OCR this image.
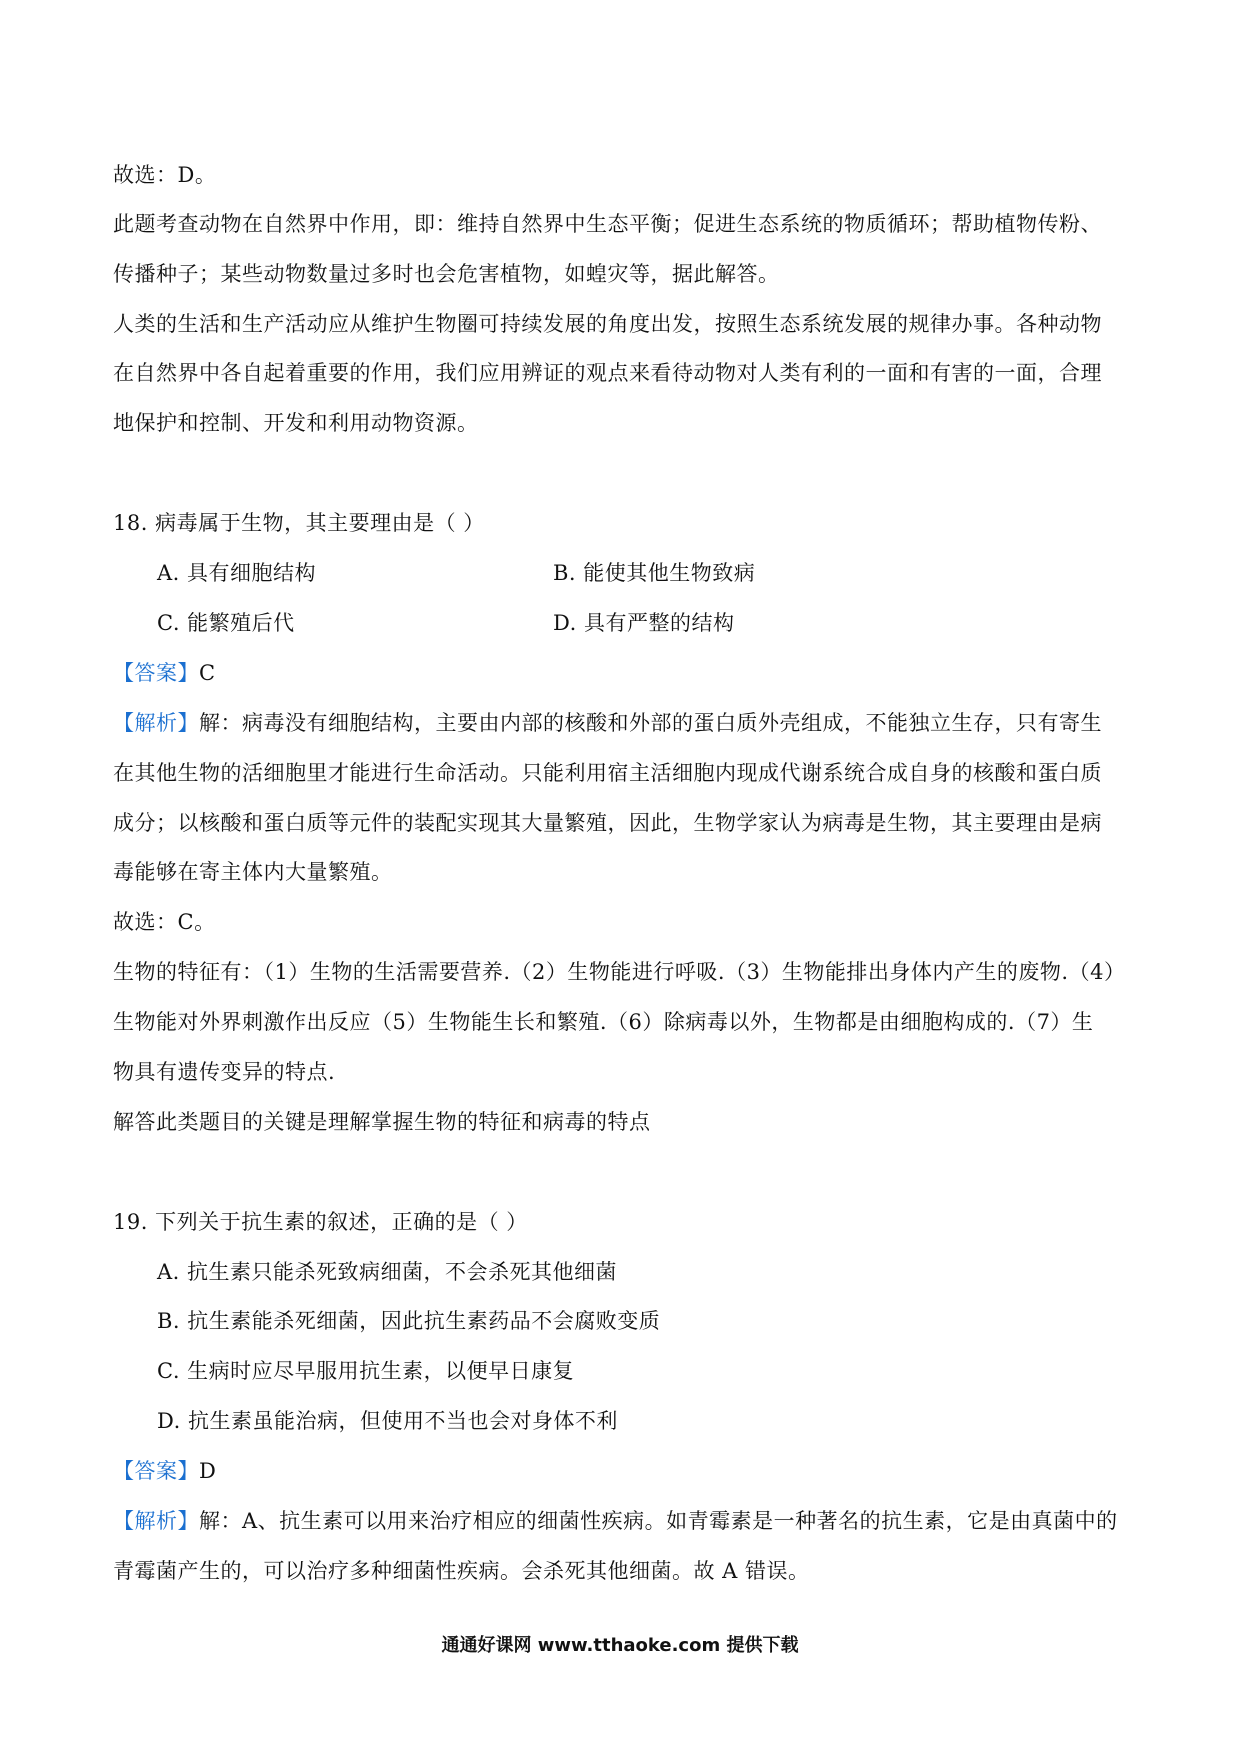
故选：D。
此题考查动物在自然界中作用，即：维持自然界中生态平衡；促进生态系统的物质循环；帮助植物传粉、
传播种子；某些动物数量过多时也会危害植物，如蝗灾等，据此解答。
人类的生活和生产活动应从维护生物圈可持续发展的角度出发，按照生态系统发展的规律办事。各种动物
在自然界中各自起着重要的作用，我们应用辨证的观点来看待动物对人类有利的一面和有害的一面，合理
地保护和控制、开发和利用动物资源。
18. 病毒属于生物，其主要理由是（ ）
A. 具有细胞结构	B. 能使其他生物致病
C. 能繁殖后代	D. 具有严整的结构
【答案】C
【解析】解：病毒没有细胞结构，主要由内部的核酸和外部的蛋白质外壳组成，不能独立生存，只有寄生
在其他生物的活细胞里才能进行生命活动。只能利用宿主活细胞内现成代谢系统合成自身的核酸和蛋白质
成分；以核酸和蛋白质等元件的装配实现其大量繁殖，因此，生物学家认为病毒是生物，其主要理由是病
毒能够在寄主体内大量繁殖。
故选：C。
生物的特征有：（1）生物的生活需要营养.（2）生物能进行呼吸.（3）生物能排出身体内产生的废物.（4）
生物能对外界刺激作出反应（5）生物能生长和繁殖.（6）除病毒以外，生物都是由细胞构成的.（7）生
物具有遗传变异的特点.
解答此类题目的关键是理解掌握生物的特征和病毒的特点
19. 下列关于抗生素的叙述，正确的是（ ）
A. 抗生素只能杀死致病细菌，不会杀死其他细菌
B. 抗生素能杀死细菌，因此抗生素药品不会腐败变质
C. 生病时应尽早服用抗生素，以便早日康复
D. 抗生素虽能治病，但使用不当也会对身体不利
【答案】D
【解析】解：A、抗生素可以用来治疗相应的细菌性疾病。如青霉素是一种著名的抗生素，它是由真菌中的
青霉菌产生的，可以治疗多种细菌性疾病。会杀死其他细菌。故 A 错误。
通通好课网 www.tthaoke.com 提供下载
